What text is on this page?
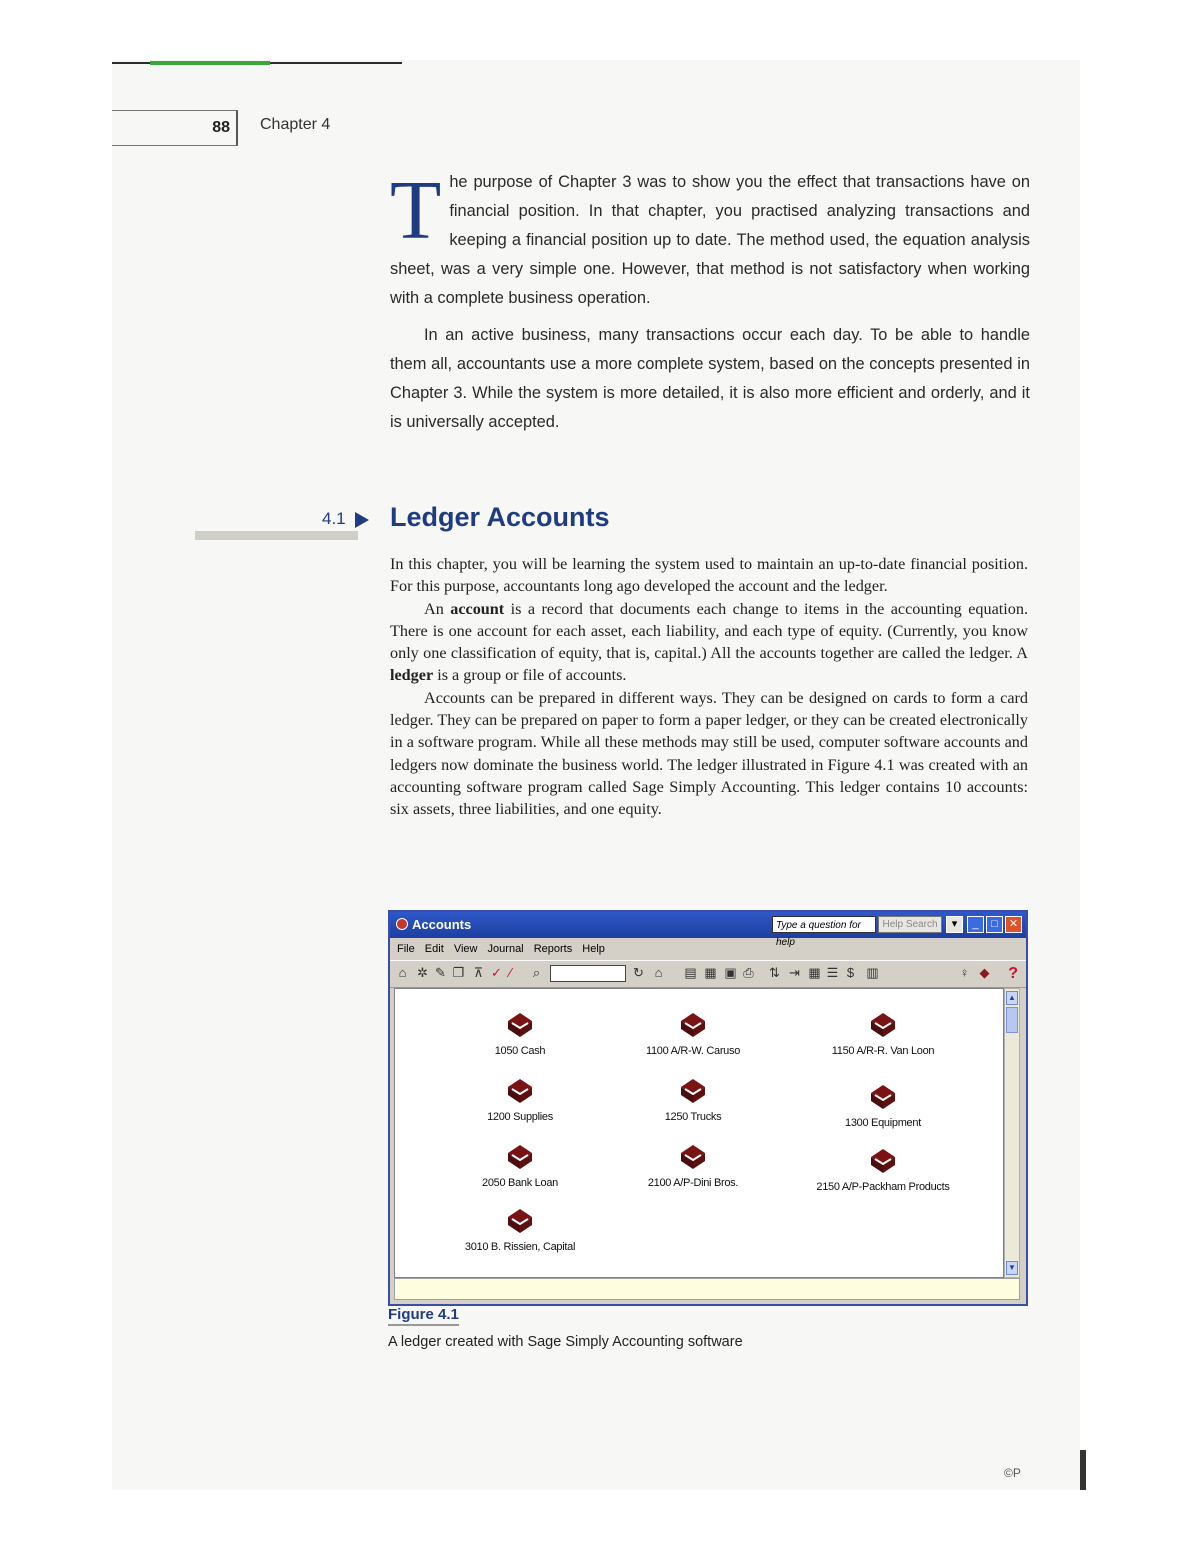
88	Chapter 4

The purpose of Chapter 3 was to show you the effect that transactions have on financial position. In that chapter, you practised analyzing transactions and keeping a financial position up to date. The method used, the equation analysis sheet, was a very simple one. However, that method is not satisfactory when working with a complete business operation.

In an active business, many transactions occur each day. To be able to handle them all, accountants use a more complete system, based on the concepts presented in Chapter 3. While the system is more detailed, it is also more efficient and orderly, and it is universally accepted.

4.1 Ledger Accounts

In this chapter, you will be learning the system used to maintain an up-to-date financial position. For this purpose, accountants long ago developed the account and the ledger.

An account is a record that documents each change to items in the accounting equation. There is one account for each asset, each liability, and each type of equity. (Currently, you know only one classification of equity, that is, capital.) All the accounts together are called the ledger. A ledger is a group or file of accounts.

Accounts can be prepared in different ways. They can be designed on cards to form a card ledger. They can be prepared on paper to form a paper ledger, or they can be created electronically in a software program. While all these methods may still be used, computer software accounts and ledgers now dominate the business world. The ledger illustrated in Figure 4.1 was created with an accounting software program called Sage Simply Accounting. This ledger contains 10 accounts: six assets, three liabilities, and one equity.

Accounts	Type a question for help
Help Search	▾	_	□	✕
File Edit View Journal Reports Help
⌂ ✲ ✎ ❐ ⊼ ✓ ⁄	⌕	↻ ⌂ ▤ ▦ ▣ ⎙ ⇅ ⇥ ▦ ☰ $ ▥	♀ ◆ ?
1050 Cash	1100 A/R-W. Caruso	1150 A/R-R. Van Loon
1200 Supplies	1250 Trucks	1300 Equipment
2050 Bank Loan	2100 A/P-Dini Bros.	2150 A/P-Packham Products
3010 B. Rissien, Capital
▲
▼
Figure 4.1
A ledger created with Sage Simply Accounting software
©P
